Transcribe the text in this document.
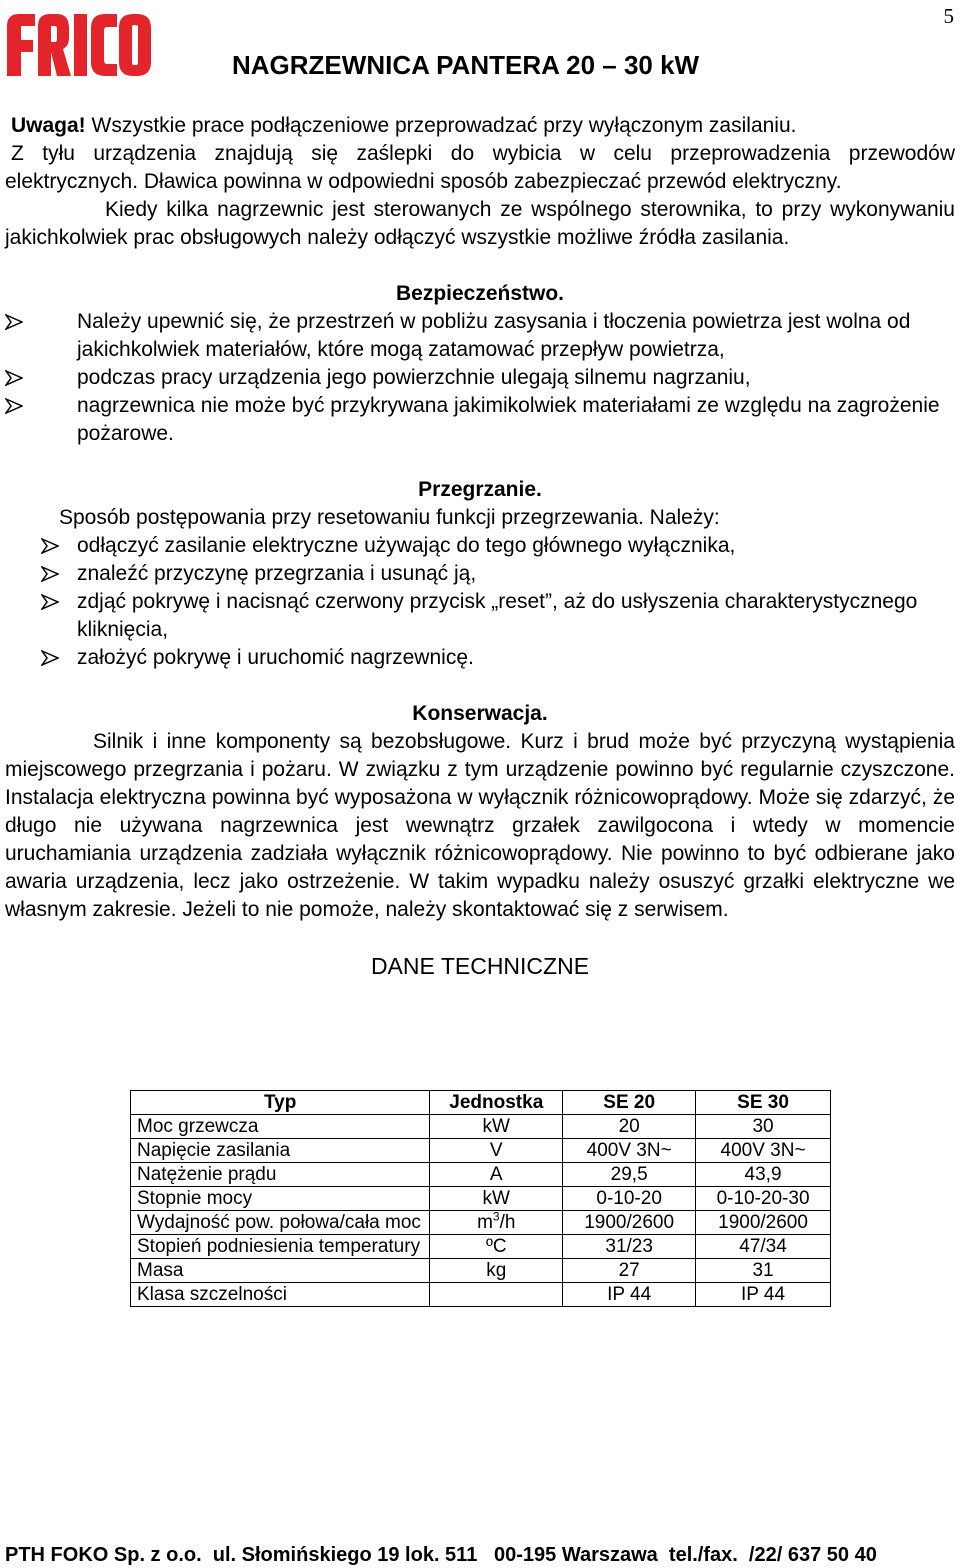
5
NAGRZEWNICA PANTERA 20 – 30 kW

Uwaga! Wszystkie prace podłączeniowe przeprowadzać przy wyłączonym zasilaniu.

Z tyłu urządzenia znajdują się zaślepki do wybicia w celu przeprowadzenia przewodów elektrycznych. Dławica powinna w odpowiedni sposób zabezpieczać przewód elektryczny.

Kiedy kilka nagrzewnic jest sterowanych ze wspólnego sterownika, to przy wykonywaniu jakichkolwiek prac obsługowych należy odłączyć wszystkie możliwe źródła zasilania.

Bezpieczeństwo.
Należy upewnić się, że przestrzeń w pobliżu zasysania i tłoczenia powietrza jest wolna od jakichkolwiek materiałów, które mogą zatamować przepływ powietrza,
podczas pracy urządzenia jego powierzchnie ulegają silnemu nagrzaniu,
nagrzewnica nie może być przykrywana jakimikolwiek materiałami ze względu na zagrożenie pożarowe.
Przegrzanie.

Sposób postępowania przy resetowaniu funkcji przegrzewania. Należy:

odłączyć zasilanie elektryczne używając do tego głównego wyłącznika,
znaleźć przyczynę przegrzania i usunąć ją,
zdjąć pokrywę i nacisnąć czerwony przycisk „reset”, aż do usłyszenia charakterystycznego kliknięcia,
założyć pokrywę i uruchomić nagrzewnicę.
Konserwacja.

Silnik i inne komponenty są bezobsługowe. Kurz i brud może być przyczyną wystąpienia miejscowego przegrzania i pożaru. W związku z tym urządzenie powinno być regularnie czyszczone. Instalacja elektryczna powinna być wyposażona w wyłącznik różnicowoprądowy. Może się zdarzyć, że długo nie używana nagrzewnica jest wewnątrz grzałek zawilgocona i wtedy w momencie uruchamiania urządzenia zadziała wyłącznik różnicowoprądowy. Nie powinno to być odbierane jako awaria urządzenia, lecz jako ostrzeżenie. W takim wypadku należy osuszyć grzałki elektryczne we własnym zakresie. Jeżeli to nie pomoże, należy skontaktować się z serwisem.

DANE TECHNICZNE
Typ	Jednostka	SE 20	SE 30
Moc grzewcza	kW	20	30
Napięcie zasilania	V	400V 3N~	400V 3N~
Natężenie prądu	A	29,5	43,9
Stopnie mocy	kW	0-10-20	0-10-20-30
Wydajność pow. połowa/cała moc	$m^3/h$	1900/2600	1900/2600
Stopień podniesienia temperatury	ºC	31/23	47/34
Masa	kg	27	31
Klasa szczelności		IP 44	IP 44
PTH FOKO Sp. z o.o.  ul. Słomińskiego 19 lok. 511   00-195 Warszawa  tel./fax.  /22/ 637 50 40
